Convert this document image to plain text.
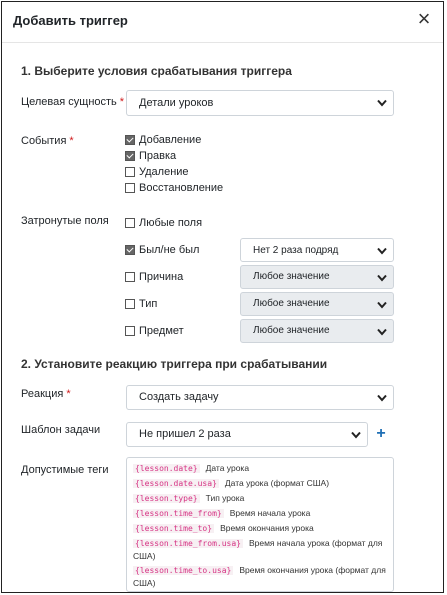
Добавить триггер	×
1. Выберите условия срабатывания триггера
Целевая сущность *	Детали уроков
События *	Добавление
Правка
Удаление
Восстановление
Затронутые поля	Любые поля
Был/не был	Нет 2 раза подряд
Причина	Любое значение
Тип	Любое значение
Предмет	Любое значение
2. Установите реакцию триггера при срабатывании
Реакция *	Создать задачу
Шаблон задачи	Не пришел 2 раза	+
Допустимые теги	{lesson.date} Дата урока
{lesson.date.usa} Дата урока (формат США)
{lesson.type} Тип урока
{lesson.time_from} Время начала урока
{lesson.time_to} Время окончания урока
{lesson.time_from.usa} Время начала урока (формат для США)
{lesson.time_to.usa} Время окончания урока (формат для США)
